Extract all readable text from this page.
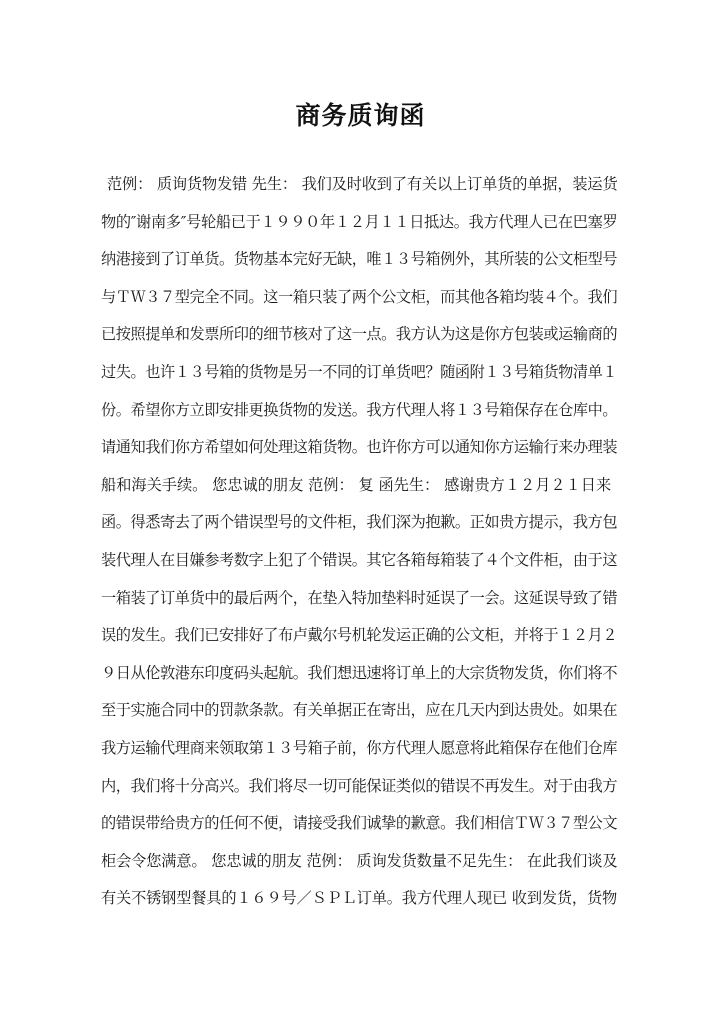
商务质询函
范例： 质询货物发错 先生： 我们及时收到了有关以上订单货的单据，装运货
物的″谢南多″号轮船已于１９９０年１２月１１日抵达。我方代理人已在巴塞罗
纳港接到了订单货。货物基本完好无缺，唯１３号箱例外，其所装的公文柜型号
与ＴＷ３７型完全不同。这一箱只装了两个公文柜，而其他各箱均装４个。我们
已按照提单和发票所印的细节核对了这一点。我方认为这是你方包装或运输商的
过失。也许１３号箱的货物是另一不同的订单货吧？随函附１３号箱货物清单１
份。希望你方立即安排更换货物的发送。我方代理人将１３号箱保存在仓库中。
请通知我们你方希望如何处理这箱货物。也许你方可以通知你方运输行来办理装
船和海关手续。 您忠诚的朋友 范例： 复 函先生： 感谢贵方１２月２１日来
函。得悉寄去了两个错误型号的文件柜，我们深为抱歉。正如贵方提示，我方包
装代理人在目嫌参考数字上犯了个错误。其它各箱每箱装了４个文件柜，由于这
一箱装了订单货中的最后两个，在垫入特加垫料时延误了一会。这延误导致了错
误的发生。我们已安排好了布卢戴尔号机轮发运正确的公文柜，并将于１２月２
９日从伦敦港东印度码头起航。我们想迅速将订单上的大宗货物发货，你们将不
至于实施合同中的罚款条款。有关单据正在寄出，应在几天内到达贵处。如果在
我方运输代理商来领取第１３号箱子前，你方代理人愿意将此箱保存在他们仓库
内，我们将十分高兴。我们将尽一切可能保证类似的错误不再发生。对于由我方
的错误带给贵方的任何不便，请接受我们诚挚的歉意。我们相信ＴＷ３７型公文
柜会令您满意。 您忠诚的朋友 范例： 质询发货数量不足先生： 在此我们谈及
有关不锈钢型餐具的１６９号／ＳＰＬ订单。我方代理人现已 收到发货，货物
